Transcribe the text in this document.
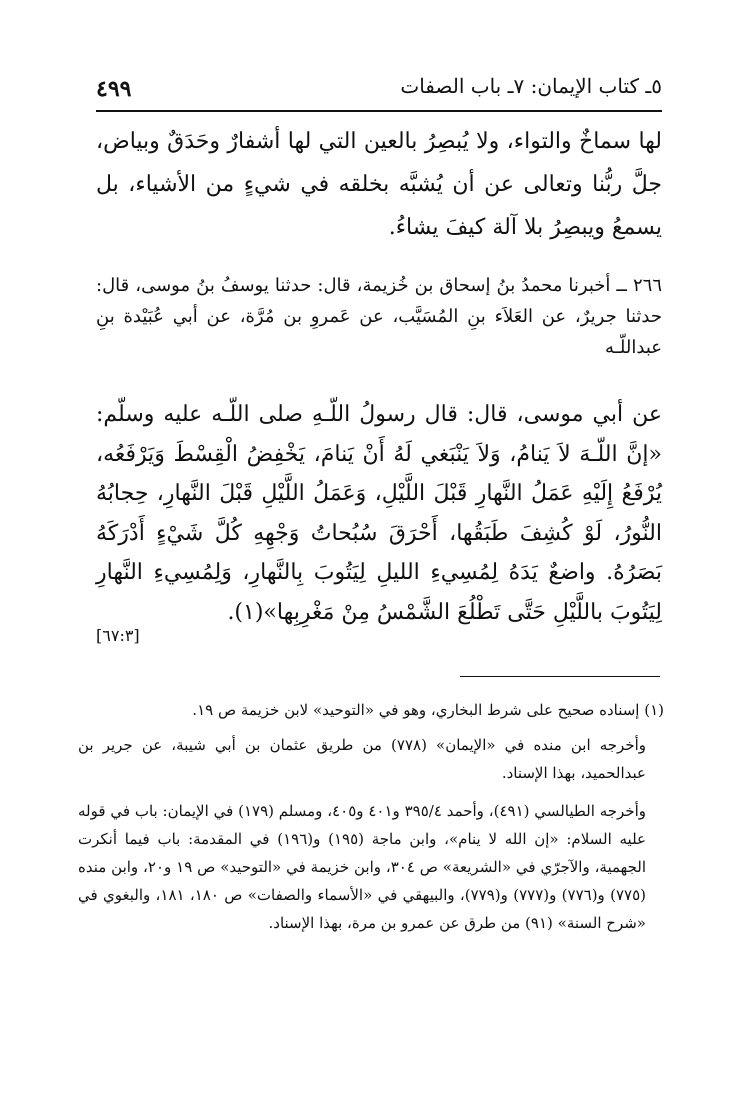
٤٩٩	٥ـ كتاب الإيمان: ٧ـ باب الصفات

لها سماخٌ والتواء، ولا يُبصِرُ بالعين التي لها أشفارٌ وحَدَقٌ وبياض، جلَّ ربُّنا وتعالى عن أن يُشبَّه بخلقه في شيءٍ من الأشياء، بل يسمعُ ويبصِرُ بلا آلة كيفَ يشاءُ.

٢٦٦ ــ أخبرنا محمدُ بنُ إسحاق بن خُزيمة، قال: حدثنا يوسفُ بنُ موسى، قال: حدثنا جريرٌ، عن العَلاَء بنِ المُسَيَّب، عن عَمروِ بن مُرَّة، عن أبي عُبَيْدة بنِ عبداللّـه

عن أبي موسى، قال: قال رسولُ اللّـهِ صلى اللّـه عليه وسلّم: «إنَّ اللّـهَ لاَ يَنامُ، وَلاَ يَنْبَغي لَهُ أَنْ يَنامَ، يَخْفِضُ الْقِسْطَ وَيَرْفَعُه، يُرْفَعُ إِلَيْهِ عَمَلُ النَّهارِ قَبْلَ اللَّيْلِ، وَعَمَلُ اللَّيْلِ قَبْلَ النَّهارِ، حِجابُهُ النُّورُ، لَوْ كُشِفَ طَبَقُها، أَحْرَقَ سُبُحاتُ وَجْهِهِ كُلَّ شَيْءٍ أَدْرَكَهُ بَصَرُهُ. واضعٌ يَدَهُ لِمُسِيءِ الليلِ لِيَتُوبَ بِالنَّهارِ، وَلِمُسِيءِ النَّهارِ لِيَتُوبَ باللَّيْلِ حَتَّى تَطْلُعَ الشَّمْسُ مِنْ مَغْرِبِها»(١).

[٦٧:٣]

(١) إسناده صحيح على شرط البخاري، وهو في «التوحيد» لابن خزيمة ص ١٩.

وأخرجه ابن منده في «الإيمان» (٧٧٨) من طريق عثمان بن أبي شيبة، عن جرير بن عبدالحميد، بهذا الإسناد.

وأخرجه الطيالسي (٤٩١)، وأحمد ٣٩٥/٤ و٤٠١ و٤٠٥، ومسلم (١٧٩) في الإيمان: باب في قوله عليه السلام: «إن الله لا ينام»، وابن ماجة (١٩٥) و(١٩٦) في المقدمة: باب فيما أنكرت الجهمية، والآجرّي في «الشريعة» ص ٣٠٤، وابن خزيمة في «التوحيد» ص ١٩ و٢٠، وابن منده (٧٧٥) و(٧٧٦) و(٧٧٧) و(٧٧٩)، والبيهقي في «الأسماء والصفات» ص ١٨٠، ١٨١، والبغوي في «شرح السنة» (٩١) من طرق عن عمرو بن مرة، بهذا الإسناد.
